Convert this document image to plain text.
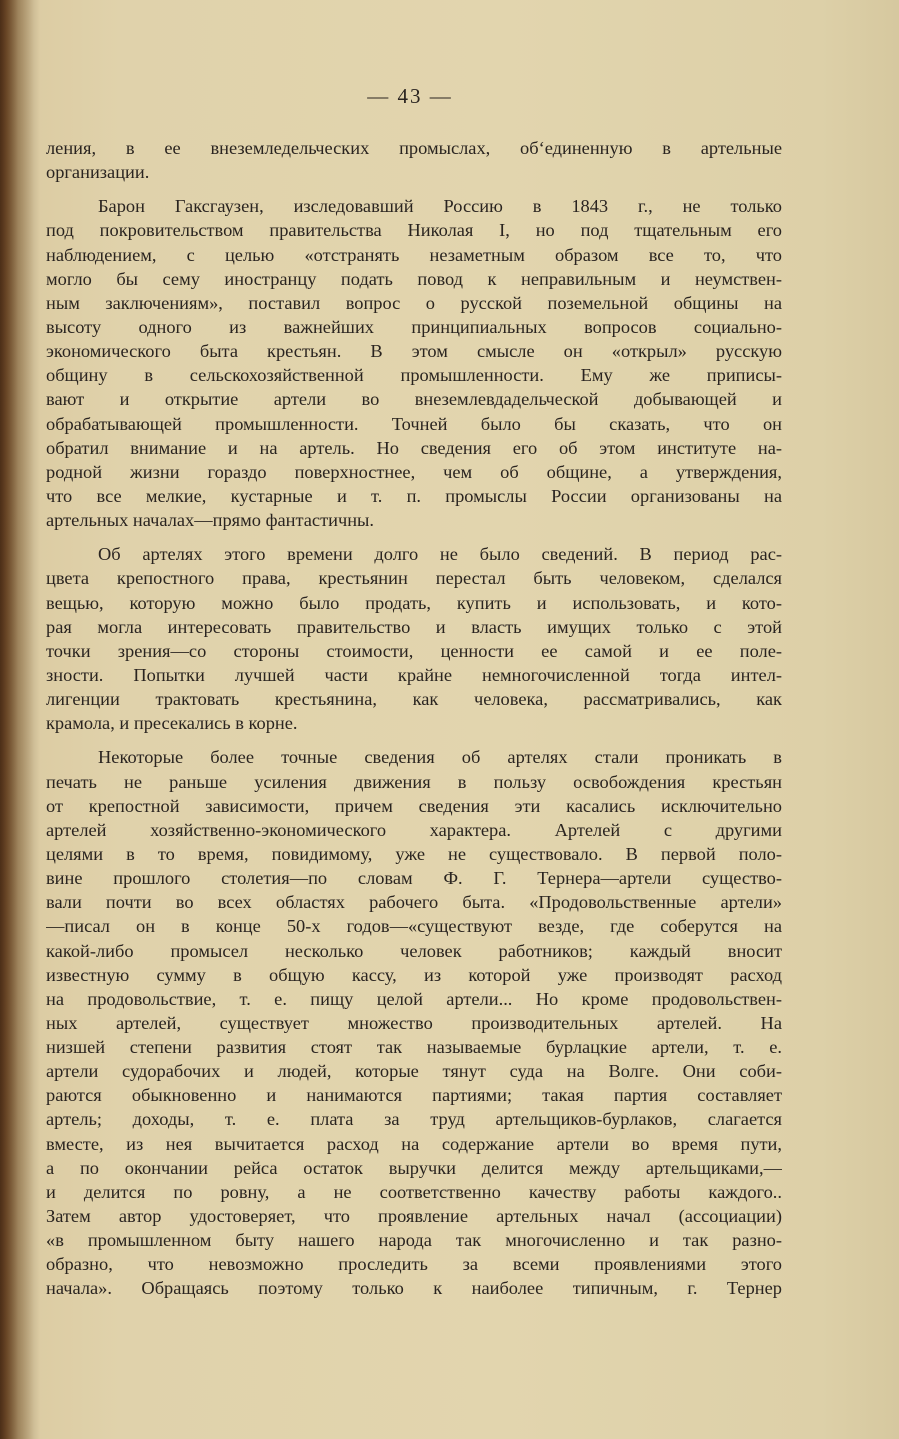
— 43 —
ления, в ее внеземледельческих промыслах, об‘единенную в артельные
организации.
Барон Гаксгаузен, изследовавший Россию в 1843 г., не только
под покровительством правительства Николая I, но под тщательным его
наблюдением, с целью «отстранять незаметным образом все то, что
могло бы сему иностранцу подать повод к неправильным и неумствен-
ным заключениям», поставил вопрос о русской поземельной общины на
высоту одного из важнейших принципиальных вопросов социально-
экономического быта крестьян. В этом смысле он «открыл» русскую
общину в сельскохозяйственной промышленности. Ему же приписы-
вают и открытие артели во внеземлевдадельческой добывающей и
обрабатывающей промышленности. Точней было бы сказать, что он
обратил внимание и на артель. Но сведения его об этом институте на-
родной жизни гораздо поверхностнее, чем об общине, а утверждения,
что все мелкие, кустарные и т. п. промыслы России организованы на
артельных началах—прямо фантастичны.
Об артелях этого времени долго не было сведений. В период рас-
цвета крепостного права, крестьянин перестал быть человеком, сделался
вещью, которую можно было продать, купить и использовать, и кото-
рая могла интересовать правительство и власть имущих только с этой
точки зрения—со стороны стоимости, ценности ее самой и ее поле-
зности. Попытки лучшей части крайне немногочисленной тогда интел-
лигенции трактовать крестьянина, как человека, рассматривались, как
крамола, и пресекались в корне.
Некоторые более точные сведения об артелях стали проникать в
печать не раньше усиления движения в пользу освобождения крестьян
от крепостной зависимости, причем сведения эти касались исключительно
артелей хозяйственно-экономического характера. Артелей с другими
целями в то время, повидимому, уже не существовало. В первой поло-
вине прошлого столетия—по словам Ф. Г. Тернера—артели существо-
вали почти во всех областях рабочего быта. «Продовольственные артели»
—писал он в конце 50-х годов—«существуют везде, где соберутся на
какой-либо промысел несколько человек работников; каждый вносит
известную сумму в общую кассу, из которой уже производят расход
на продовольствие, т. е. пищу целой артели... Но кроме продовольствен-
ных артелей, существует множество производительных артелей. На
низшей степени развития стоят так называемые бурлацкие артели, т. е.
артели судорабочих и людей, которые тянут суда на Волге. Они соби-
раются обыкновенно и нанимаются партиями; такая партия составляет
артель; доходы, т. е. плата за труд артельщиков-бурлаков, слагается
вместе, из нея вычитается расход на содержание артели во время пути,
а по окончании рейса остаток выручки делится между артельщиками,—
и делится по ровну, а не соответственно качеству работы каждого..
Затем автор удостоверяет, что проявление артельных начал (ассоциации)
«в промышленном быту нашего народа так многочисленно и так разно-
образно, что невозможно проследить за всеми проявлениями этого
начала». Обращаясь поэтому только к наиболее типичным, г. Тернер
